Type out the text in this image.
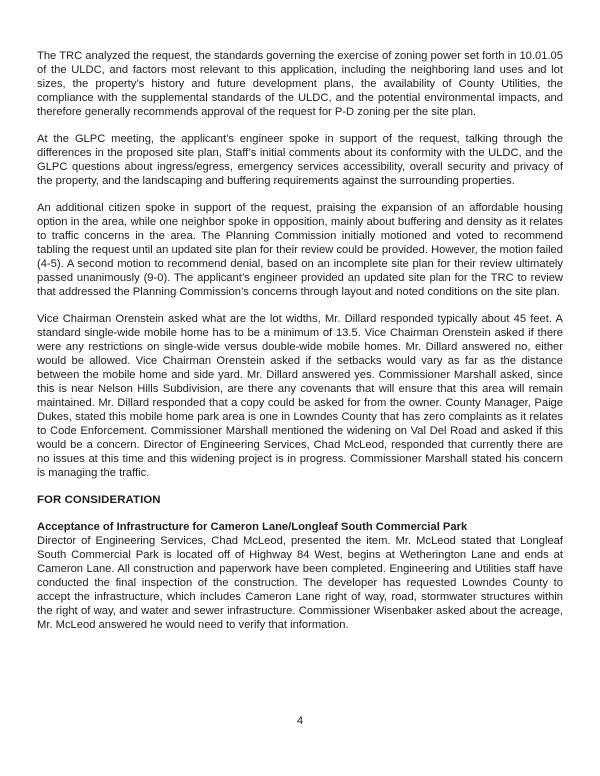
The TRC analyzed the request, the standards governing the exercise of zoning power set forth in 10.01.05 of the ULDC, and factors most relevant to this application, including the neighboring land uses and lot sizes, the property’s history and future development plans, the availability of County Utilities, the compliance with the supplemental standards of the ULDC, and the potential environmental impacts, and therefore generally recommends approval of the request for P-D zoning per the site plan.

At the GLPC meeting, the applicant’s engineer spoke in support of the request, talking through the differences in the proposed site plan, Staff’s initial comments about its conformity with the ULDC, and the GLPC questions about ingress/egress, emergency services accessibility, overall security and privacy of the property, and the landscaping and buffering requirements against the surrounding properties.

An additional citizen spoke in support of the request, praising the expansion of an affordable housing option in the area, while one neighbor spoke in opposition, mainly about buffering and density as it relates to traffic concerns in the area. The Planning Commission initially motioned and voted to recommend tabling the request until an updated site plan for their review could be provided. However, the motion failed (4-5). A second motion to recommend denial, based on an incomplete site plan for their review ultimately passed unanimously (9-0). The applicant’s engineer provided an updated site plan for the TRC to review that addressed the Planning Commission’s concerns through layout and noted conditions on the site plan.

Vice Chairman Orenstein asked what are the lot widths, Mr. Dillard responded typically about 45 feet. A standard single-wide mobile home has to be a minimum of 13.5. Vice Chairman Orenstein asked if there were any restrictions on single-wide versus double-wide mobile homes. Mr. Dillard answered no, either would be allowed. Vice Chairman Orenstein asked if the setbacks would vary as far as the distance between the mobile home and side yard. Mr. Dillard answered yes. Commissioner Marshall asked, since this is near Nelson Hills Subdivision, are there any covenants that will ensure that this area will remain maintained. Mr. Dillard responded that a copy could be asked for from the owner. County Manager, Paige Dukes, stated this mobile home park area is one in Lowndes County that has zero complaints as it relates to Code Enforcement. Commissioner Marshall mentioned the widening on Val Del Road and asked if this would be a concern. Director of Engineering Services, Chad McLeod, responded that currently there are no issues at this time and this widening project is in progress. Commissioner Marshall stated his concern is managing the traffic.

FOR CONSIDERATION
Acceptance of Infrastructure for Cameron Lane/Longleaf South Commercial Park

Director of Engineering Services, Chad McLeod, presented the item. Mr. McLeod stated that Longleaf South Commercial Park is located off of Highway 84 West, begins at Wetherington Lane and ends at Cameron Lane. All construction and paperwork have been completed. Engineering and Utilities staff have conducted the final inspection of the construction. The developer has requested Lowndes County to accept the infrastructure, which includes Cameron Lane right of way, road, stormwater structures within the right of way, and water and sewer infrastructure. Commissioner Wisenbaker asked about the acreage, Mr. McLeod answered he would need to verify that information.

4
